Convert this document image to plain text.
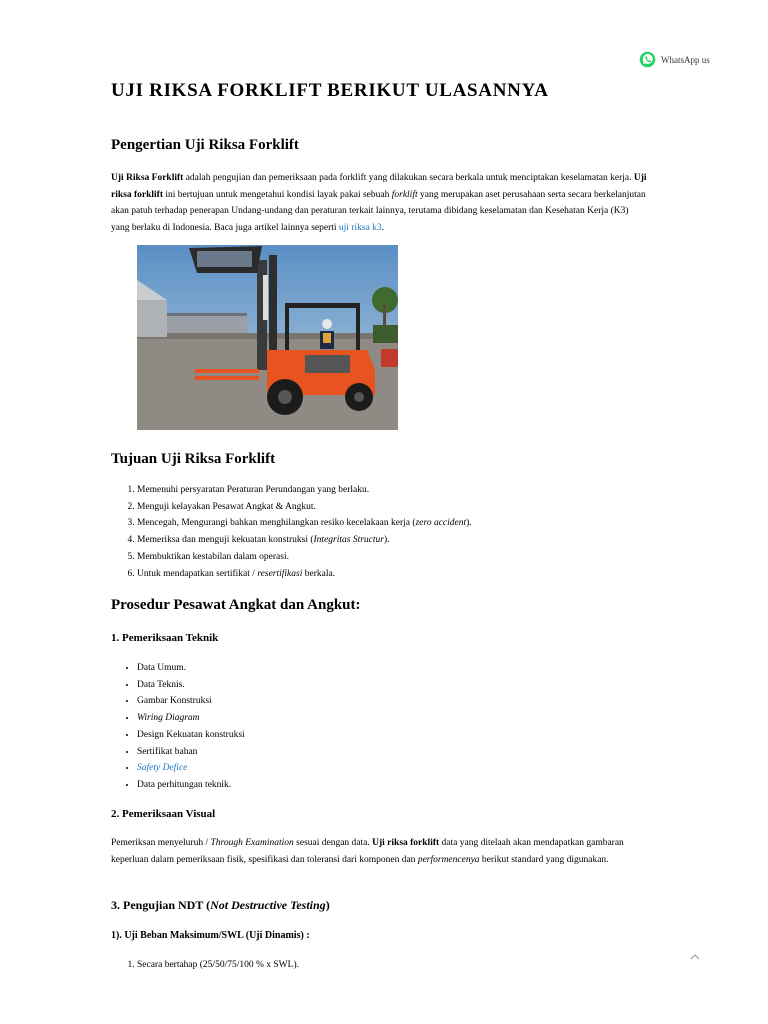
WhatsApp us
UJI RIKSA FORKLIFT BERIKUT ULASANNYA
Pengertian Uji Riksa Forklift

Uji Riksa Forklift adalah pengujian dan pemeriksaan pada forklift yang dilakukan secara berkala untuk menciptakan keselamatan kerja. Uji riksa forklift ini bertujuan untuk mengetahui kondisi layak pakai sebuah forklift yang merupakan aset perusahaan serta secara berkelanjutan akan patuh terhadap penerapan Undang-undang dan peraturan terkait lainnya, terutama dibidang keselamatan dan Kesehatan Kerja (K3) yang berlaku di Indonesia. Baca juga artikel lainnya seperti uji riksa k3.

Tujuan Uji Riksa Forklift
1. Memenuhi persyaratan Peraturan Perundangan yang berlaku.
2. Menguji kelayakan Pesawat Angkat & Angkut.
3. Mencegah, Mengurangi bahkan menghilangkan resiko kecelakaan kerja (zero accident).
4. Memeriksa dan menguji kekuatan konstruksi (Integritas Structur).
5. Membuktikan kestabilan dalam operasi.
6. Untuk mendapatkan sertifikat / resertifikasi berkala.
Prosedur Pesawat Angkat dan Angkut:
1. Pemeriksaan Teknik
• Data Umum.
• Data Teknis.
• Gambar Konstruksi
• Wiring Diagram
• Design Kekuatan konstruksi
• Sertifikat bahan
• Safety Defice
• Data perhitungan teknik.
2. Pemeriksaan Visual

Pemeriksan menyeluruh / Through Examination sesuai dengan data. Uji riksa forklift data yang ditelaah akan mendapatkan gambaran keperluan dalam pemeriksaan fisik, spesifikasi dan toleransi dari komponen dan performencenya berikut standard yang digunakan.

3. Pengujian NDT (Not Destructive Testing)
1). Uji Beban Maksimum/SWL (Uji Dinamis) :
1. Secara bertahap (25/50/75/100 % x SWL).
